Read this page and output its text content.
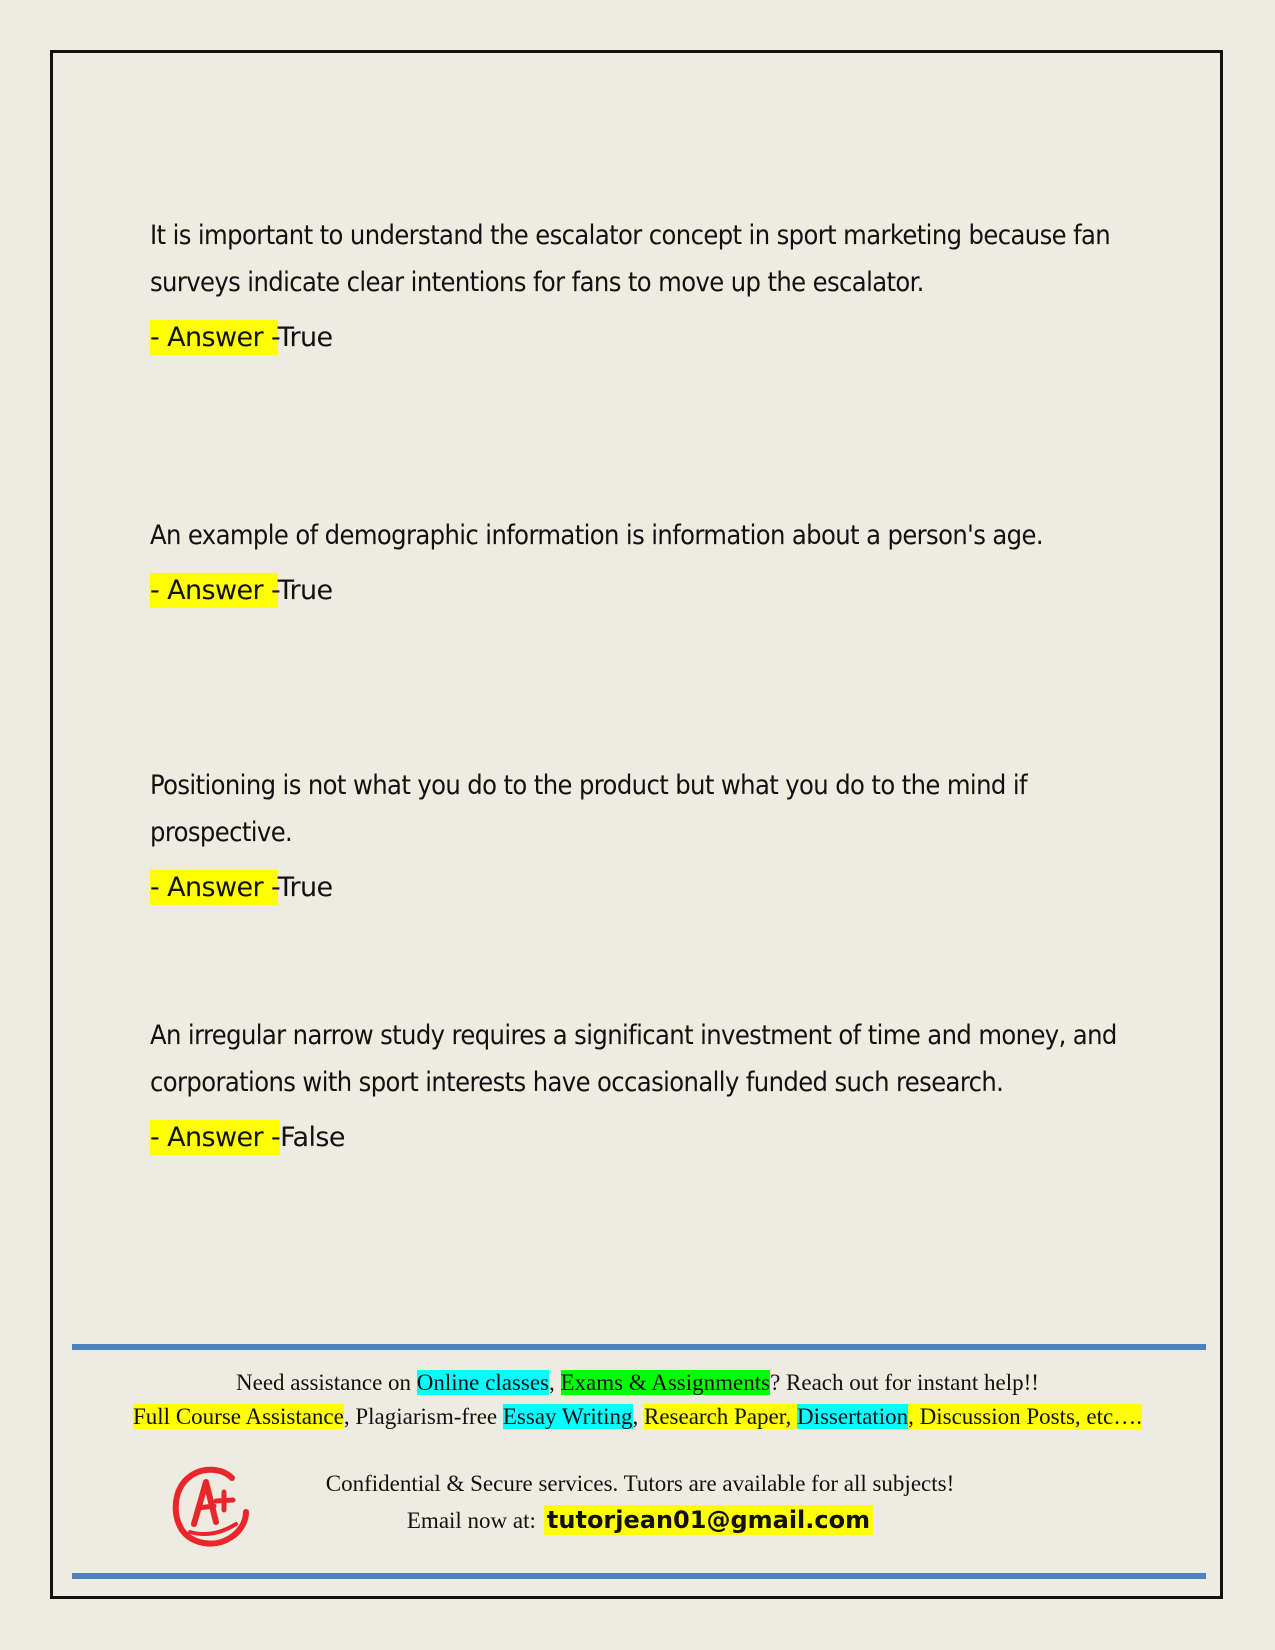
It is important to understand the escalator concept in sport marketing because fan surveys indicate clear intentions for fans to move up the escalator.

- Answer -True

An example of demographic information is information about a person's age.

- Answer -True

Positioning is not what you do to the product but what you do to the mind if prospective.

- Answer -True

An irregular narrow study requires a significant investment of time and money, and corporations with sport interests have occasionally funded such research.

- Answer -False
Need assistance on Online classes, Exams & Assignments? Reach out for instant help!!
Full Course Assistance, Plagiarism-free Essay Writing, Research Paper, Dissertation, Discussion Posts, etc….
Confidential & Secure services. Tutors are available for all subjects!
Email now at: tutorjean01@gmail.com
